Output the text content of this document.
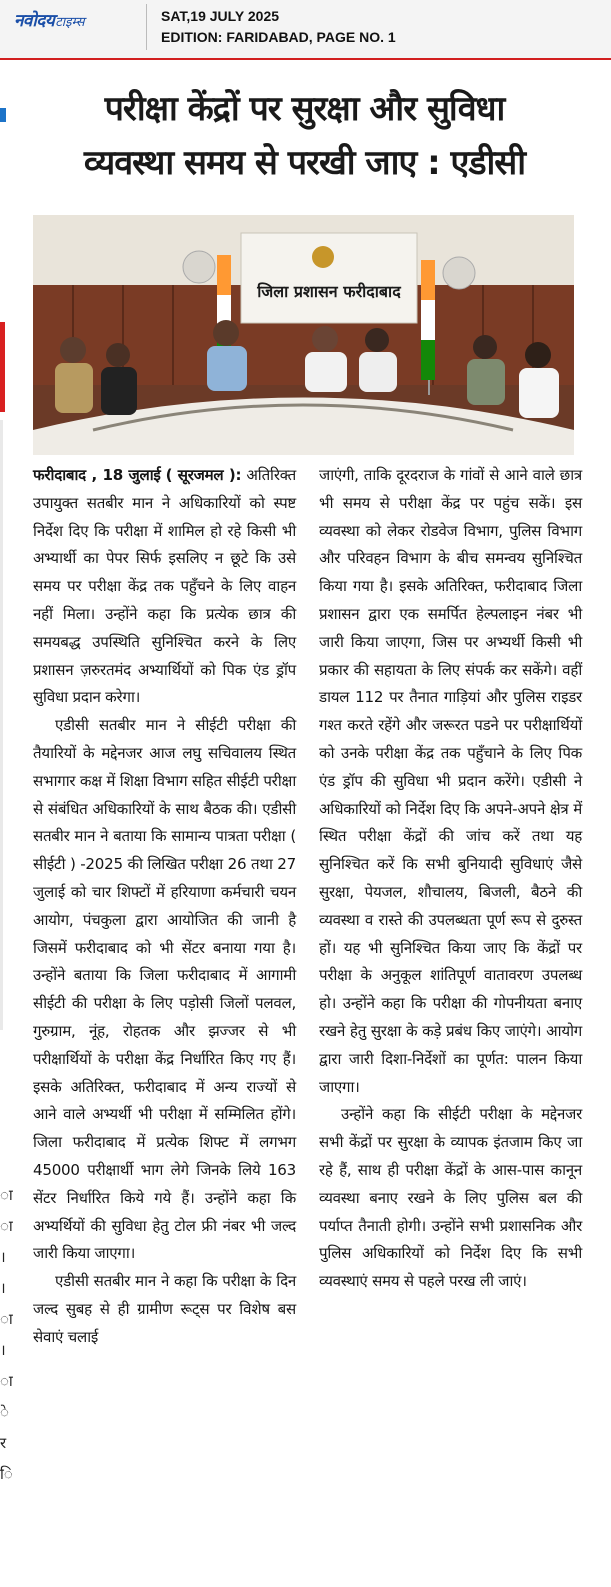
नवोदयटाइम्स	SAT,19 JULY 2025
EDITION: FARIDABAD, PAGE NO. 1
ा
ा
।
।
ा
।
ा
े
र
ि
परीक्षा केंद्रों पर सुरक्षा और सुविधा
व्यवस्था समय से परखी जाए : एडीसी
जिला प्रशासन फरीदाबाद

फरीदाबाद , 18 जुलाई ( सूरजमल ): अतिरिक्त उपायुक्त सतबीर मान ने अधिकारियों को स्पष्ट निर्देश दिए कि परीक्षा में शामिल हो रहे किसी भी अभ्यार्थी का पेपर सिर्फ इसलिए न छूटे कि उसे समय पर परीक्षा केंद्र तक पहुँचने के लिए वाहन नहीं मिला। उन्होंने कहा कि प्रत्येक छात्र की समयबद्ध उपस्थिति सुनिश्चित करने के लिए प्रशासन ज़रुरतमंद अभ्यार्थियों को पिक एंड ड्रॉप सुविधा प्रदान करेगा।

एडीसी सतबीर मान ने सीईटी परीक्षा की तैयारियों के मद्देनजर आज लघु सचिवालय स्थित सभागार कक्ष में शिक्षा विभाग सहित सीईटी परीक्षा से संबंधित अधिकारियों के साथ बैठक की। एडीसी सतबीर मान ने बताया कि सामान्य पात्रता परीक्षा ( सीईटी ) -2025 की लिखित परीक्षा 26 तथा 27 जुलाई को चार शिफ्टों में हरियाणा कर्मचारी चयन आयोग, पंचकुला द्वारा आयोजित की जानी है जिसमें फरीदाबाद को भी सेंटर बनाया गया है। उन्होंने बताया कि जिला फरीदाबाद में आगामी सीईटी की परीक्षा के लिए पड़ोसी जिलों पलवल, गुरुग्राम, नूंह, रोहतक और झज्जर से भी परीक्षार्थियों के परीक्षा केंद्र निर्धारित किए गए हैं। इसके अतिरिक्त, फरीदाबाद में अन्य राज्यों से आने वाले अभ्यर्थी भी परीक्षा में सम्मिलित होंगे। जिला फरीदाबाद में प्रत्येक शिफ्ट में लगभग 45000 परीक्षार्थी भाग लेगे जिनके लिये 163 सेंटर निर्धारित किये गये हैं। उन्होंने कहा कि अभ्यर्थियों की सुविधा हेतु टोल फ्री नंबर भी जल्द जारी किया जाएगा।

एडीसी सतबीर मान ने कहा कि परीक्षा के दिन जल्द सुबह से ही ग्रामीण रूट्स पर विशेष बस सेवाएं चलाई

जाएंगी, ताकि दूरदराज के गांवों से आने वाले छात्र भी समय से परीक्षा केंद्र पर पहुंच सकें। इस व्यवस्था को लेकर रोडवेज विभाग, पुलिस विभाग और परिवहन विभाग के बीच समन्वय सुनिश्चित किया गया है। इसके अतिरिक्त, फरीदाबाद जिला प्रशासन द्वारा एक समर्पित हेल्पलाइन नंबर भी जारी किया जाएगा, जिस पर अभ्यर्थी किसी भी प्रकार की सहायता के लिए संपर्क कर सकेंगे। वहीं डायल 112 पर तैनात गाड़ियां और पुलिस राइडर गश्त करते रहेंगे और जरूरत पडने पर परीक्षार्थियों को उनके परीक्षा केंद्र तक पहुँचाने के लिए पिक एंड ड्रॉप की सुविधा भी प्रदान करेंगे। एडीसी ने अधिकारियों को निर्देश दिए कि अपने-अपने क्षेत्र में स्थित परीक्षा केंद्रों की जांच करें तथा यह सुनिश्चित करें कि सभी बुनियादी सुविधाएं जैसे सुरक्षा, पेयजल, शौचालय, बिजली, बैठने की व्यवस्था व रास्ते की उपलब्धता पूर्ण रूप से दुरुस्त हों। यह भी सुनिश्चित किया जाए कि केंद्रों पर परीक्षा के अनुकूल शांतिपूर्ण वातावरण उपलब्ध हो। उन्होंने कहा कि परीक्षा की गोपनीयता बनाए रखने हेतु सुरक्षा के कड़े प्रबंध किए जाएंगे। आयोग द्वारा जारी दिशा-निर्देशों का पूर्णत: पालन किया जाएगा।

उन्होंने कहा कि सीईटी परीक्षा के मद्देनजर सभी केंद्रों पर सुरक्षा के व्यापक इंतजाम किए जा रहे हैं, साथ ही परीक्षा केंद्रों के आस-पास कानून व्यवस्था बनाए रखने के लिए पुलिस बल की पर्याप्त तैनाती होगी। उन्होंने सभी प्रशासनिक और पुलिस अधिकारियों को निर्देश दिए कि सभी व्यवस्थाएं समय से पहले परख ली जाएं।
